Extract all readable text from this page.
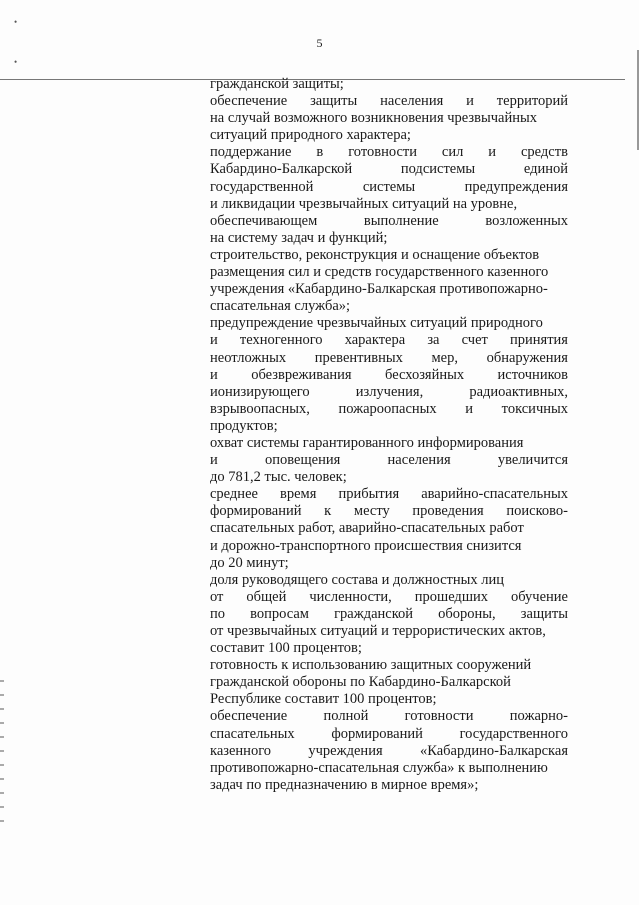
5
•
•
гражданской защиты;
обеспечение защиты населения и территорий
на случай возможного возникновения чрезвычайных
ситуаций природного характера;
поддержание в готовности сил и средств
Кабардино-Балкарской	подсистемы	единой
государственной	системы	предупреждения
и ликвидации чрезвычайных ситуаций на уровне,
обеспечивающем	выполнение	возложенных
на систему задач и функций;
строительство, реконструкция и оснащение объектов
размещения сил и средств государственного казенного
учреждения «Кабардино-Балкарская противопожарно-
спасательная служба»;
предупреждение чрезвычайных ситуаций природного
и техногенного характера за счет принятия
неотложных превентивных мер, обнаружения
и обезвреживания бесхозяйных источников
ионизирующего	излучения,	радиоактивных,
взрывоопасных, пожароопасных и токсичных
продуктов;
охват системы гарантированного информирования
и	оповещения	населения	увеличится
до 781,2 тыс. человек;
среднее время прибытия аварийно-спасательных
формирований к месту проведения поисково-
спасательных работ, аварийно-спасательных работ
и дорожно-транспортного происшествия снизится
до 20 минут;
доля руководящего состава и должностных лиц
от общей численности, прошедших обучение
по вопросам гражданской обороны, защиты
от чрезвычайных ситуаций и террористических актов,
составит 100 процентов;
готовность к использованию защитных сооружений
гражданской обороны по Кабардино-Балкарской
Республике составит 100 процентов;
обеспечение	полной	готовности	пожарно-
спасательных	формирований	государственного
казенного	учреждения	«Кабардино-Балкарская
противопожарно-спасательная служба» к выполнению
задач по предназначению в мирное время»;
